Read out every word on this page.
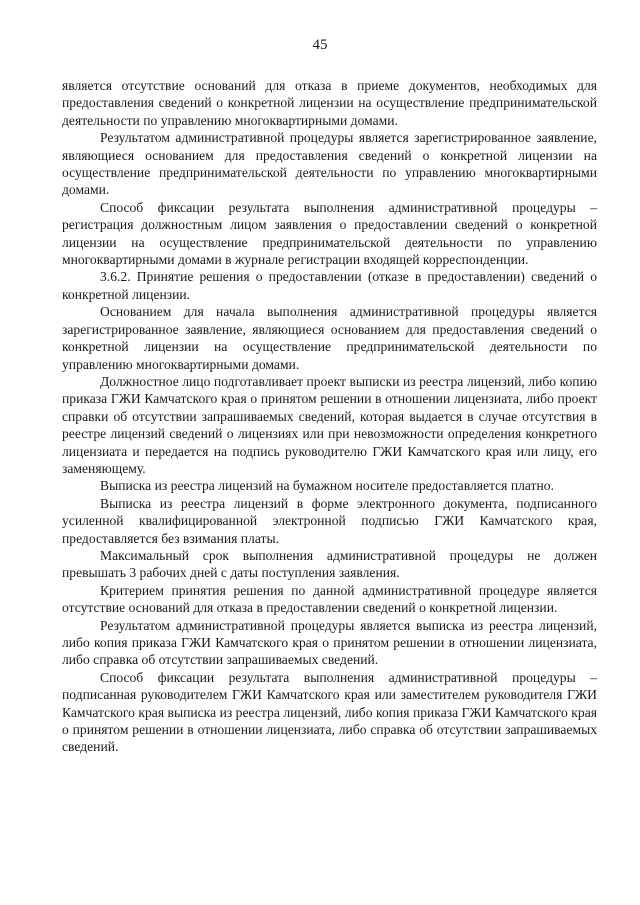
45

является отсутствие оснований для отказа в приеме документов, необходимых для предоставления сведений о конкретной лицензии на осуществление предпринимательской деятельности по управлению многоквартирными домами.

Результатом административной процедуры является зарегистрированное заявление, являющиеся основанием для предоставления сведений о конкретной лицензии на осуществление предпринимательской деятельности по управлению многоквартирными домами.

Способ фиксации результата выполнения административной процедуры – регистрация должностным лицом заявления о предоставлении сведений о конкретной лицензии на осуществление предпринимательской деятельности по управлению многоквартирными домами в журнале регистрации входящей корреспонденции.

3.6.2. Принятие решения о предоставлении (отказе в предоставлении) сведений о конкретной лицензии.

Основанием для начала выполнения административной процедуры является зарегистрированное заявление, являющиеся основанием для предоставления сведений о конкретной лицензии на осуществление предпринимательской деятельности по управлению многоквартирными домами.

Должностное лицо подготавливает проект выписки из реестра лицензий, либо копию приказа ГЖИ Камчатского края о принятом решении в отношении лицензиата, либо проект справки об отсутствии запрашиваемых сведений, которая выдается в случае отсутствия в реестре лицензий сведений о лицензиях или при невозможности определения конкретного лицензиата и передается на подпись руководителю ГЖИ Камчатского края или лицу, его заменяющему.

Выписка из реестра лицензий на бумажном носителе предоставляется платно.

Выписка из реестра лицензий в форме электронного документа, подписанного усиленной квалифицированной электронной подписью ГЖИ Камчатского края, предоставляется без взимания платы.

Максимальный срок выполнения административной процедуры не должен превышать 3 рабочих дней с даты поступления заявления.

Критерием принятия решения по данной административной процедуре является отсутствие оснований для отказа в предоставлении сведений о конкретной лицензии.

Результатом административной процедуры является выписка из реестра лицензий, либо копия приказа ГЖИ Камчатского края о принятом решении в отношении лицензиата, либо справка об отсутствии запрашиваемых сведений.

Способ фиксации результата выполнения административной процедуры – подписанная руководителем ГЖИ Камчатского края или заместителем руководителя ГЖИ Камчатского края выписка из реестра лицензий, либо копия приказа ГЖИ Камчатского края о принятом решении в отношении лицензиата, либо справка об отсутствии запрашиваемых сведений.
